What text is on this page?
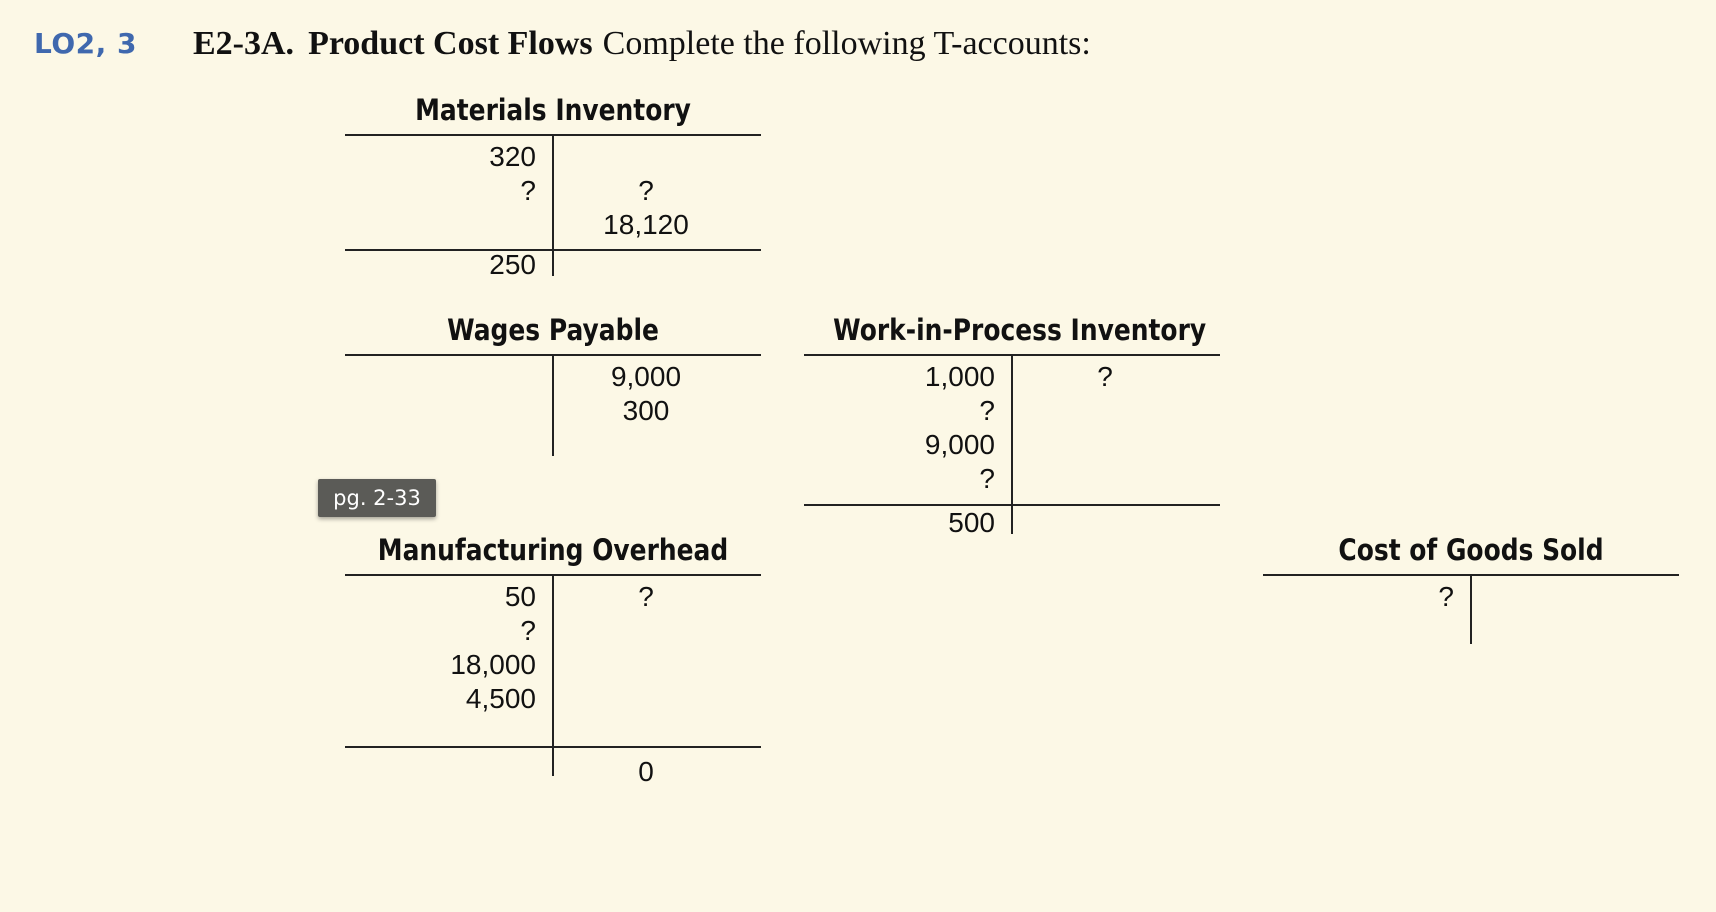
LO2, 3 E2-3A. Product Cost Flows Complete the following T-accounts:
Materials Inventory
320
?	?
18,120
250
Wages Payable
9,000
300
Work-in-Process Inventory
1,000
?
9,000
?
?
500
pg. 2-33
Manufacturing Overhead
50
?
18,000
4,500
?
0
Cost of Goods Sold
?
